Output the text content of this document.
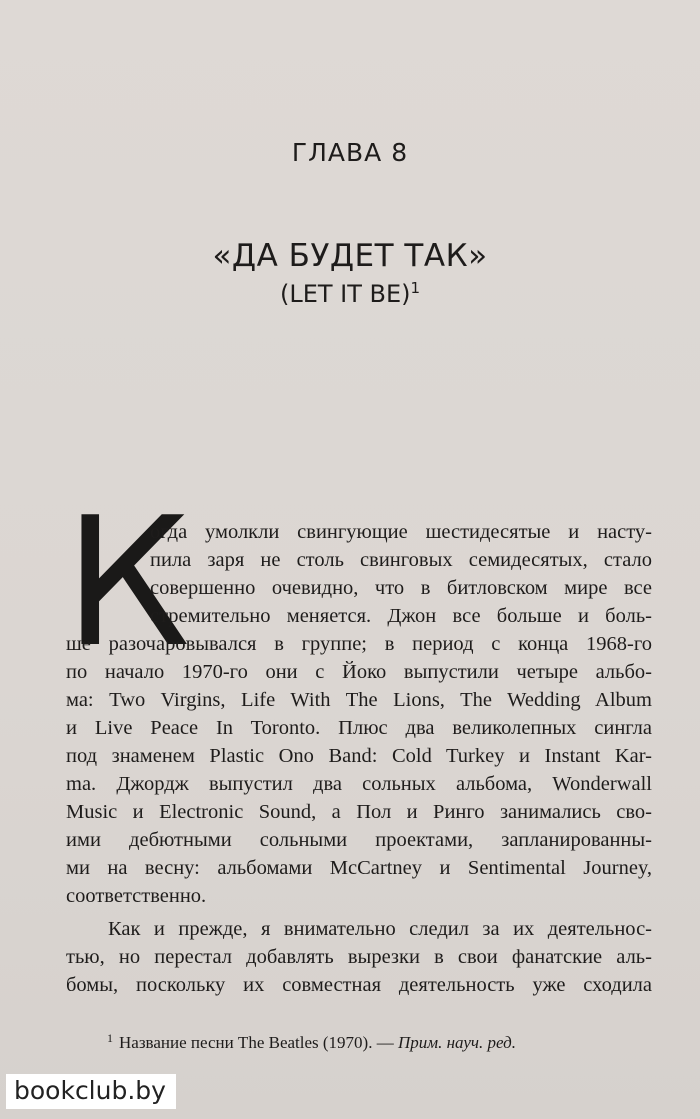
ГЛАВА 8
«ДА БУДЕТ ТАК»
(LET IT BE)$^1$
К
огда умолкли свингующие шестидесятые и насту-
пила заря не столь свинговых семидесятых, стало
совершенно очевидно, что в битловском мире все
стремительно меняется. Джон все больше и боль-
ше разочаровывался в группе; в период с конца 1968-го
по начало 1970-го они с Йоко выпустили четыре альбо-
ма: Two Virgins, Life With The Lions, The Wedding Album
и Live Peace In Toronto. Плюс два великолепных сингла
под знаменем Plastic Ono Band: Cold Turkey и Instant Kar-
ma. Джордж выпустил два сольных альбома, Wonderwall
Music и Electronic Sound, а Пол и Ринго занимались сво-
ими дебютными сольными проектами, запланированны-
ми на весну: альбомами McCartney и Sentimental Journey,
соответственно.
Как и прежде, я внимательно следил за их деятельнос-
тью, но перестал добавлять вырезки в свои фанатские аль-
бомы, поскольку их совместная деятельность уже сходила
$^1$ Название песни The Beatles (1970). — Прим. науч. ред.
bookclub.by
